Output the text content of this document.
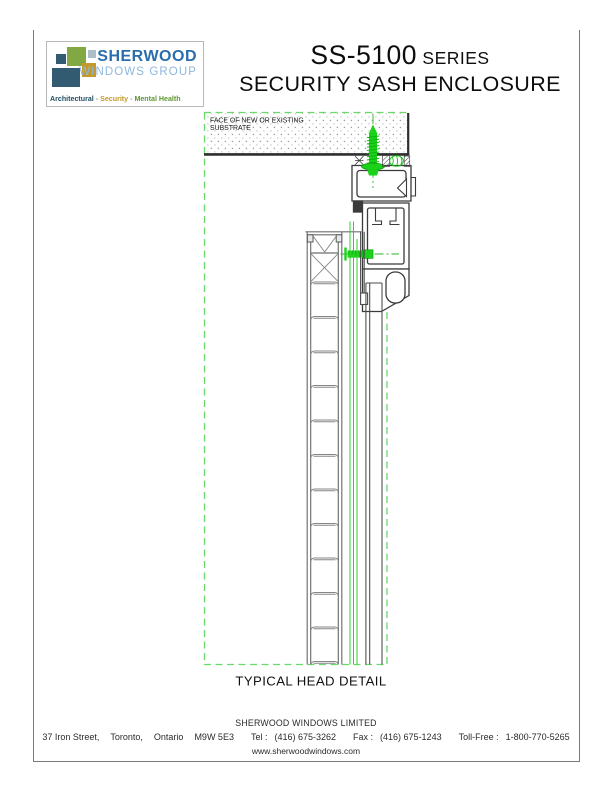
SHERWOOD
WINDOWS GROUP
Architectural - Security - Mental Health
SS-5100 SERIES
SECURITY SASH ENCLOSURE
FACE OF NEW OR EXISTING
SUBSTRATE
TYPICAL HEAD DETAIL
SHERWOOD WINDOWS LIMITED
37 Iron Street, Toronto, Ontario M9W 5E3 Tel : (416) 675-3262 Fax : (416) 675-1243 Toll-Free : 1-800-770-5265
www.sherwoodwindows.com
